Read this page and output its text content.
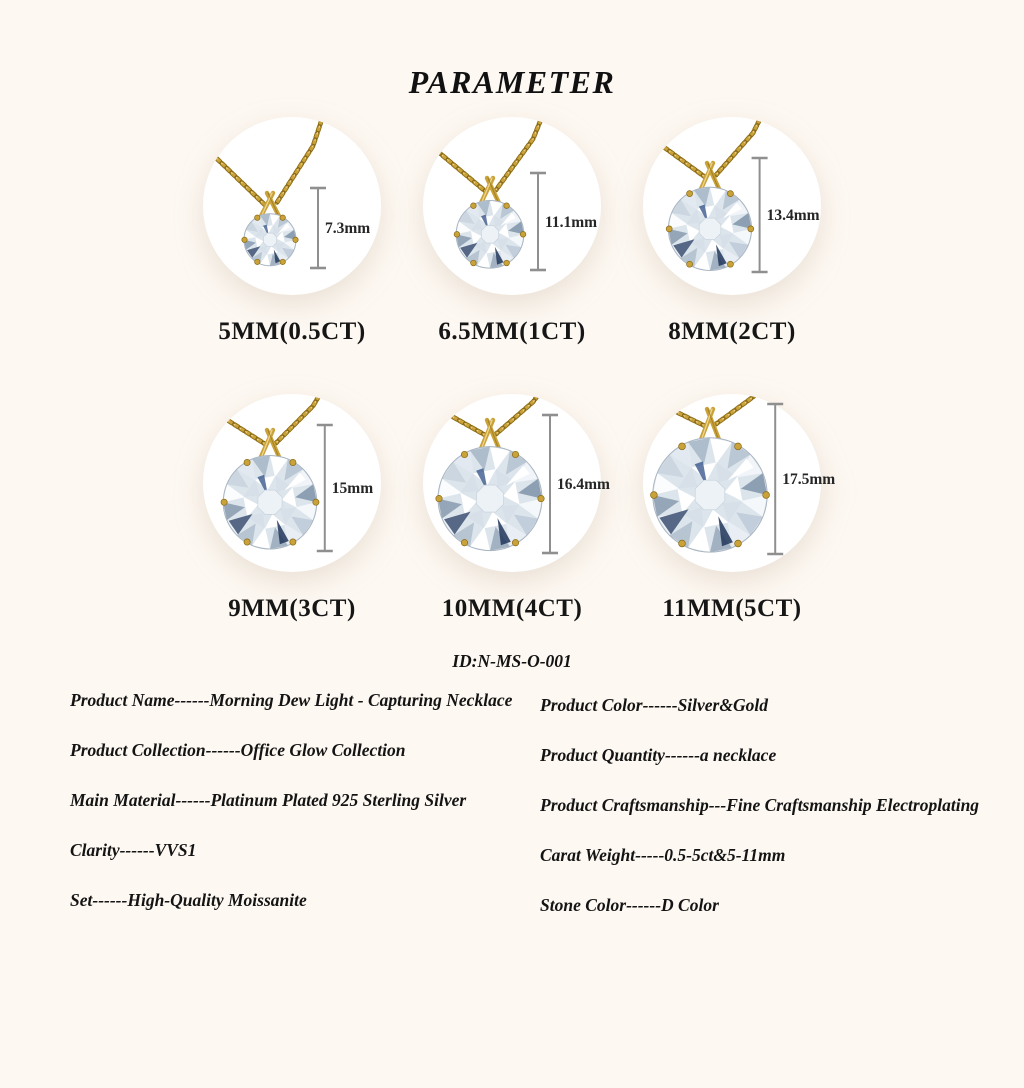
PARAMETER
7.3mm
5MM(0.5CT)
11.1mm
6.5MM(1CT)
13.4mm
8MM(2CT)
15mm
9MM(3CT)
16.4mm
10MM(4CT)
17.5mm
11MM(5CT)
ID:N-MS-O-001

Product Name------Morning Dew Light - Capturing Necklace

Product Collection------Office Glow Collection

Main Material------Platinum Plated 925 Sterling Silver

Clarity------VVS1

Set------High-Quality Moissanite

Product Color------Silver&Gold

Product Quantity------a necklace

Product Craftsmanship---Fine Craftsmanship Electroplating

Carat Weight-----0.5-5ct&5-11mm

Stone Color------D Color
